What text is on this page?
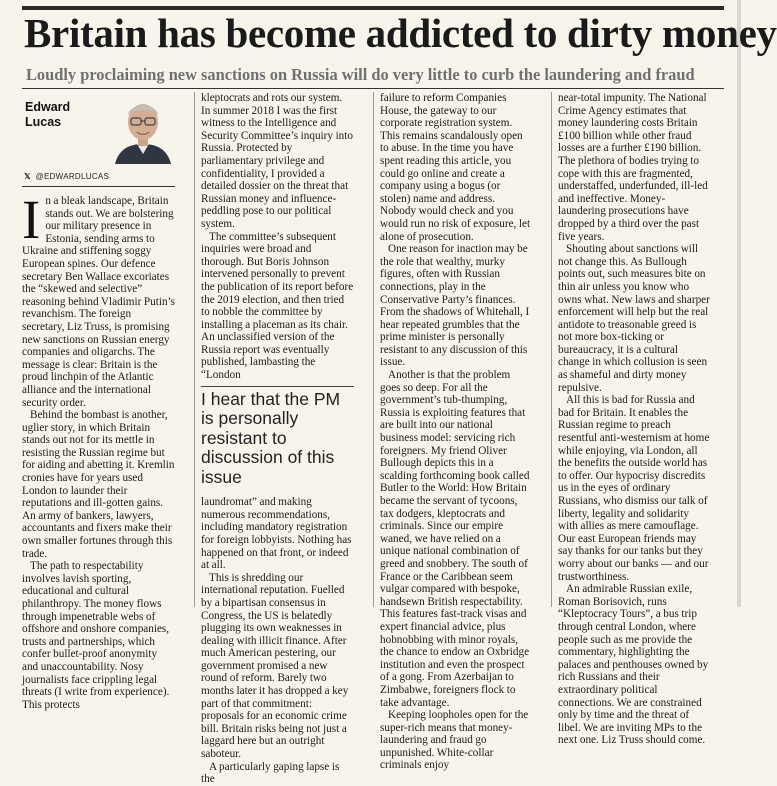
Britain has become addicted to dirty money
Loudly proclaiming new sanctions on Russia will do very little to curb the laundering and fraud
Edward
Lucas
𝕏 @EDWARDLUCAS
I n a bleak landscape, Britain stands out. We are bolstering our military presence in Estonia, sending arms to Ukraine and stiffening soggy European spines. Our defence secretary Ben Wallace excoriates the “skewed and selective” reasoning behind Vladimir Putin’s revanchism. The foreign secretary, Liz Truss, is promising new sanctions on Russian energy companies and oligarchs. The message is clear: Britain is the proud linchpin of the Atlantic alliance and the international security order.

Behind the bombast is another, uglier story, in which Britain stands out not for its mettle in resisting the Russian regime but for aiding and abetting it. Kremlin cronies have for years used London to launder their reputations and ill-gotten gains. An army of bankers, lawyers, accountants and fixers make their own smaller fortunes through this trade.

The path to respectability involves lavish sporting, educational and cultural philanthropy. The money flows through impenetrable webs of offshore and onshore companies, trusts and partnerships, which confer bullet-proof anonymity and unaccountability. Nosy journalists face crippling legal threats (I write from experience). This protects

kleptocrats and rots our system. In summer 2018 I was the first witness to the Intelligence and Security Committee’s inquiry into Russia. Protected by parliamentary privilege and confidentiality, I provided a detailed dossier on the threat that Russian money and influence-peddling pose to our political system.

The committee’s subsequent inquiries were broad and thorough. But Boris Johnson intervened personally to prevent the publication of its report before the 2019 election, and then tried to nobble the committee by installing a placeman as its chair. An unclassified version of the Russia report was eventually published, lambasting the “London

I hear that the PM is personally resistant to discussion of this issue

laundromat” and making numerous recommendations, including mandatory registration for foreign lobbyists. Nothing has happened on that front, or indeed at all.

This is shredding our international reputation. Fuelled by a bipartisan consensus in Congress, the US is belatedly plugging its own weaknesses in dealing with illicit finance. After much American pestering, our government promised a new round of reform. Barely two months later it has dropped a key part of that commitment: proposals for an economic crime bill. Britain risks being not just a laggard here but an outright saboteur.

A particularly gaping lapse is the

failure to reform Companies House, the gateway to our corporate registration system. This remains scandalously open to abuse. In the time you have spent reading this article, you could go online and create a company using a bogus (or stolen) name and address. Nobody would check and you would run no risk of exposure, let alone of prosecution.

One reason for inaction may be the role that wealthy, murky figures, often with Russian connections, play in the Conservative Party’s finances. From the shadows of Whitehall, I hear repeated grumbles that the prime minister is personally resistant to any discussion of this issue.

Another is that the problem goes so deep. For all the government’s tub-thumping, Russia is exploiting features that are built into our national business model: servicing rich foreigners. My friend Oliver Bullough depicts this in a scalding forthcoming book called Butler to the World: How Britain became the servant of tycoons, tax dodgers, kleptocrats and criminals. Since our empire waned, we have relied on a unique national combination of greed and snobbery. The south of France or the Caribbean seem vulgar compared with bespoke, handsewn British respectability. This features fast-track visas and expert financial advice, plus hobnobbing with minor royals, the chance to endow an Oxbridge institution and even the prospect of a gong. From Azerbaijan to Zimbabwe, foreigners flock to take advantage.

Keeping loopholes open for the super-rich means that money-laundering and fraud go unpunished. White-collar criminals enjoy

near-total impunity. The National Crime Agency estimates that money laundering costs Britain £100 billion while other fraud losses are a further £190 billion. The plethora of bodies trying to cope with this are fragmented, understaffed, underfunded, ill-led and ineffective. Money-laundering prosecutions have dropped by a third over the past five years.

Shouting about sanctions will not change this. As Bullough points out, such measures bite on thin air unless you know who owns what. New laws and sharper enforcement will help but the real antidote to treasonable greed is not more box-ticking or bureaucracy, it is a cultural change in which collusion is seen as shameful and dirty money repulsive.

All this is bad for Russia and bad for Britain. It enables the Russian regime to preach resentful anti-westernism at home while enjoying, via London, all the benefits the outside world has to offer. Our hypocrisy discredits us in the eyes of ordinary Russians, who dismiss our talk of liberty, legality and solidarity with allies as mere camouflage. Our east European friends may say thanks for our tanks but they worry about our banks — and our trustworthiness.

An admirable Russian exile, Roman Borisovich, runs “Kleptocracy Tours”, a bus trip through central London, where people such as me provide the commentary, highlighting the palaces and penthouses owned by rich Russians and their extraordinary political connections. We are constrained only by time and the threat of libel. We are inviting MPs to the next one. Liz Truss should come.
